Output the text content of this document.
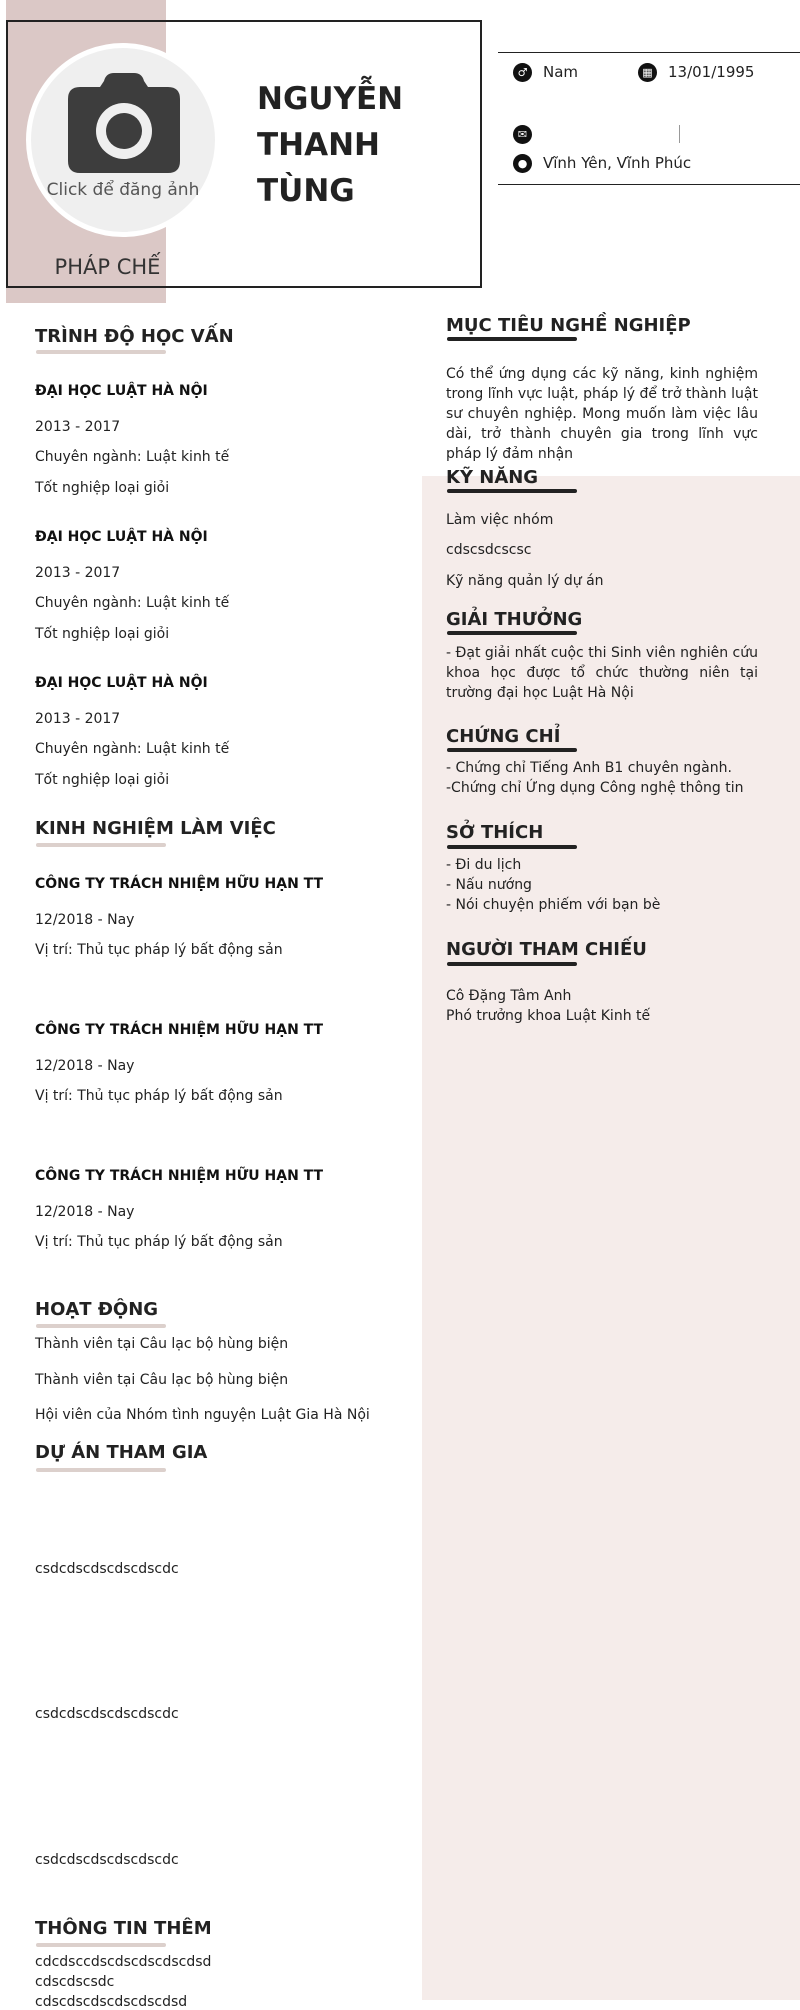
Click để đăng ảnh
NGUYỄN
THANH TÙNG
PHÁP CHẾ
♂	Nam	▦ 13/01/1995
✉
●	Vĩnh Yên, Vĩnh Phúc
TRÌNH ĐỘ HỌC VẤN
ĐẠI HỌC LUẬT HÀ NỘI
2013 - 2017
Chuyên ngành: Luật kinh tế
Tốt nghiệp loại giỏi
ĐẠI HỌC LUẬT HÀ NỘI
2013 - 2017
Chuyên ngành: Luật kinh tế
Tốt nghiệp loại giỏi
ĐẠI HỌC LUẬT HÀ NỘI
2013 - 2017
Chuyên ngành: Luật kinh tế
Tốt nghiệp loại giỏi
KINH NGHIỆM LÀM VIỆC
CÔNG TY TRÁCH NHIỆM HỮU HẠN TT
12/2018 - Nay
Vị trí: Thủ tục pháp lý bất động sản
CÔNG TY TRÁCH NHIỆM HỮU HẠN TT
12/2018 - Nay
Vị trí: Thủ tục pháp lý bất động sản
CÔNG TY TRÁCH NHIỆM HỮU HẠN TT
12/2018 - Nay
Vị trí: Thủ tục pháp lý bất động sản
HOẠT ĐỘNG
Thành viên tại Câu lạc bộ hùng biện
Thành viên tại Câu lạc bộ hùng biện
Hội viên của Nhóm tình nguyện Luật Gia Hà Nội
DỰ ÁN THAM GIA
csdcdscdscdscdscdc
csdcdscdscdscdscdc
csdcdscdscdscdscdc
THÔNG TIN THÊM
cdcdsccdscdscdscdscdsd
cdscdscsdc
cdscdscdscdscdscdsd
MỤC TIÊU NGHỀ NGHIỆP
Có thể ứng dụng các kỹ năng, kinh nghiệm trong lĩnh vực luật, pháp lý để trở thành luật sư chuyên nghiệp. Mong muốn làm việc lâu dài, trở thành chuyên gia trong lĩnh vực pháp lý đảm nhận
KỸ NĂNG
Làm việc nhóm
cdscsdcscsc
Kỹ năng quản lý dự án
GIẢI THƯỞNG
- Đạt giải nhất cuộc thi Sinh viên nghiên cứu khoa học được tổ chức thường niên tại trường đại học Luật Hà Nội
CHỨNG CHỈ
- Chứng chỉ Tiếng Anh B1 chuyên ngành.
-Chứng chỉ Ứng dụng Công nghệ thông tin
SỞ THÍCH
- Đi du lịch
- Nấu nướng
- Nói chuyện phiếm với bạn bè
NGƯỜI THAM CHIẾU
Cô Đặng Tâm Anh
Phó trưởng khoa Luật Kinh tế
